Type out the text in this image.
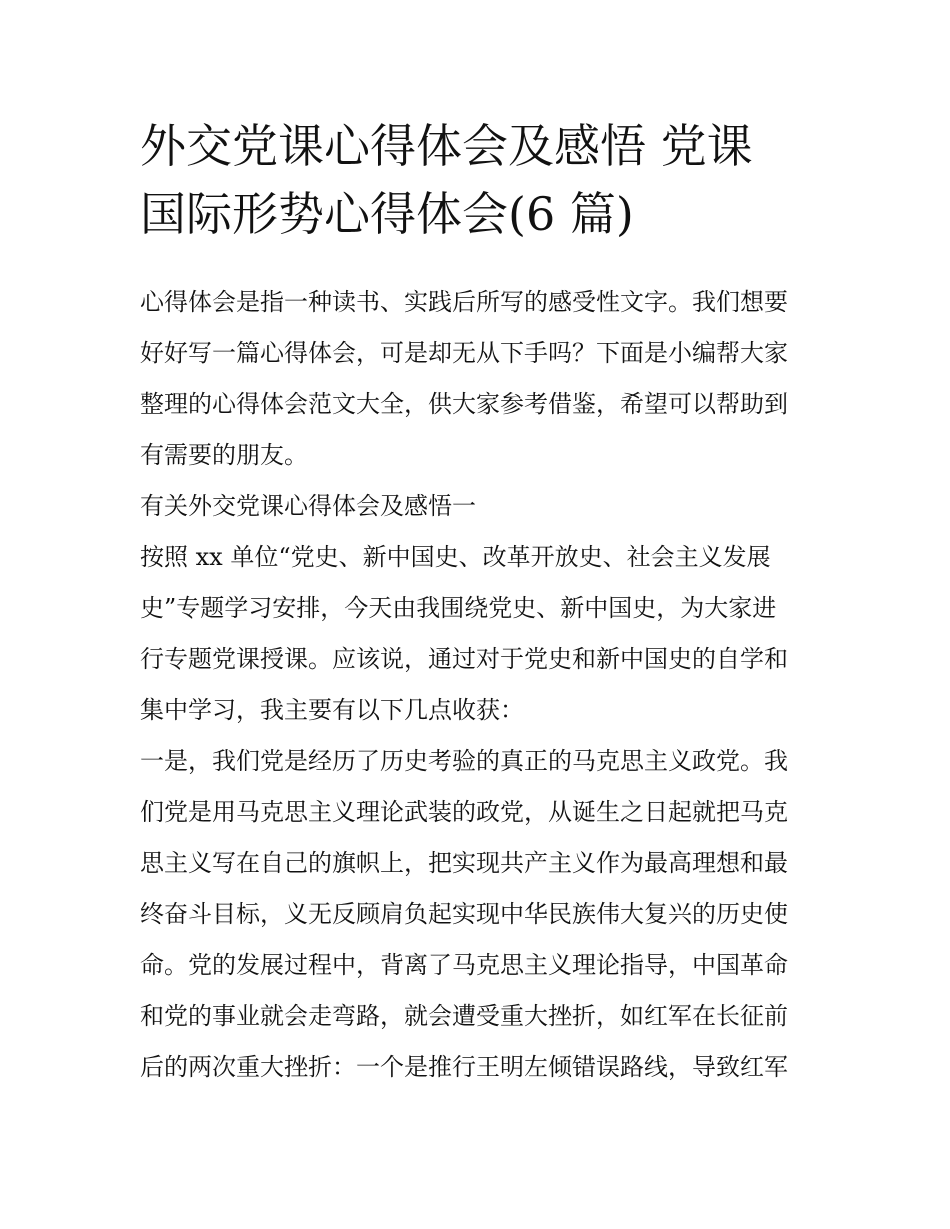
外交党课心得体会及感悟 党课
国际形势心得体会(6 篇)
心得体会是指一种读书、实践后所写的感受性文字。我们想要
好好写一篇心得体会，可是却无从下手吗？下面是小编帮大家
整理的心得体会范文大全，供大家参考借鉴，希望可以帮助到
有需要的朋友。
有关外交党课心得体会及感悟一
按照 xx 单位“党史、新中国史、改革开放史、社会主义发展
史”专题学习安排，今天由我围绕党史、新中国史，为大家进
行专题党课授课。应该说，通过对于党史和新中国史的自学和
集中学习，我主要有以下几点收获：
一是，我们党是经历了历史考验的真正的马克思主义政党。我
们党是用马克思主义理论武装的政党，从诞生之日起就把马克
思主义写在自己的旗帜上，把实现共产主义作为最高理想和最
终奋斗目标，义无反顾肩负起实现中华民族伟大复兴的历史使
命。党的发展过程中，背离了马克思主义理论指导，中国革命
和党的事业就会走弯路，就会遭受重大挫折，如红军在长征前
后的两次重大挫折：一个是推行王明左倾错误路线，导致红军
